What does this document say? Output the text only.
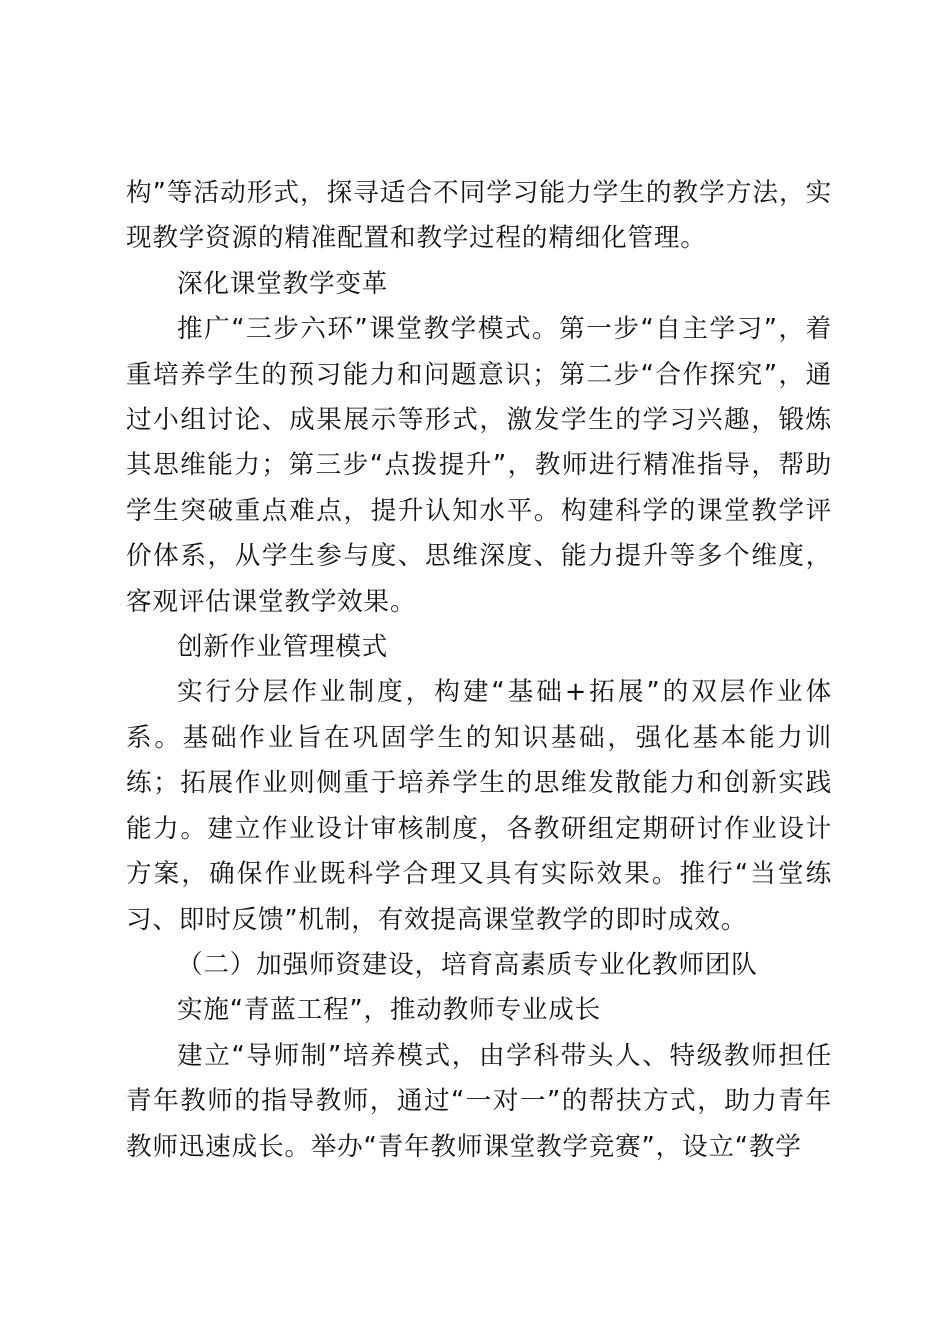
构”等活动形式，探寻适合不同学习能力学生的教学方法，实现教学资源的精准配置和教学过程的精细化管理。

深化课堂教学变革

推广“三步六环”课堂教学模式。第一步“自主学习”，着重培养学生的预习能力和问题意识；第二步“合作探究”，通过小组讨论、成果展示等形式，激发学生的学习兴趣，锻炼其思维能力；第三步“点拨提升”，教师进行精准指导，帮助学生突破重点难点，提升认知水平。构建科学的课堂教学评价体系，从学生参与度、思维深度、能力提升等多个维度，客观评估课堂教学效果。

创新作业管理模式

实行分层作业制度，构建“基础+拓展”的双层作业体系。基础作业旨在巩固学生的知识基础，强化基本能力训练；拓展作业则侧重于培养学生的思维发散能力和创新实践能力。建立作业设计审核制度，各教研组定期研讨作业设计方案，确保作业既科学合理又具有实际效果。推行“当堂练习、即时反馈”机制，有效提高课堂教学的即时成效。

（二）加强师资建设，培育高素质专业化教师团队

实施“青蓝工程”，推动教师专业成长

建立“导师制”培养模式，由学科带头人、特级教师担任青年教师的指导教师，通过“一对一”的帮扶方式，助力青年教师迅速成长。举办“青年教师课堂教学竞赛”，设立“教学
